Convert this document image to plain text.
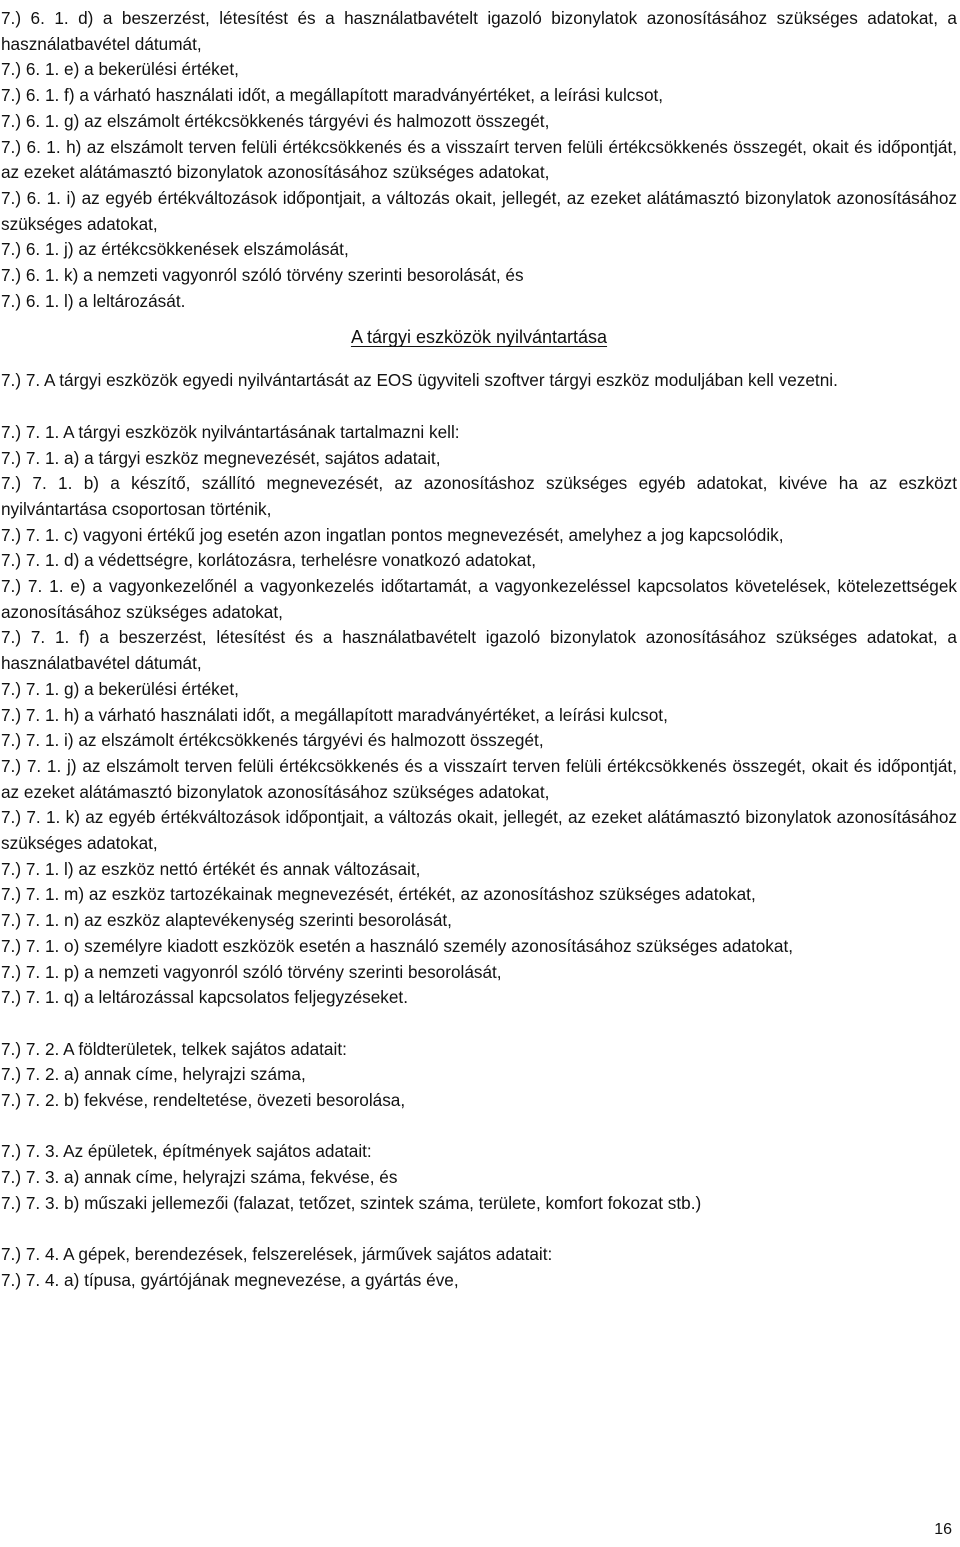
7.) 6. 1. d) a beszerzést, létesítést és a használatbavételt igazoló bizonylatok azonosításához szükséges adatokat, a használatbavétel dátumát,

7.) 6. 1. e) a bekerülési értéket,

7.) 6. 1. f) a várható használati időt, a megállapított maradványértéket, a leírási kulcsot,

7.) 6. 1. g) az elszámolt értékcsökkenés tárgyévi és halmozott összegét,

7.) 6. 1. h) az elszámolt terven felüli értékcsökkenés és a visszaírt terven felüli értékcsökkenés összegét, okait és időpontját, az ezeket alátámasztó bizonylatok azonosításához szükséges adatokat,

7.) 6. 1. i) az egyéb értékváltozások időpontjait, a változás okait, jellegét, az ezeket alátámasztó bizonylatok azonosításához szükséges adatokat,

7.) 6. 1. j) az értékcsökkenések elszámolását,

7.) 6. 1. k) a nemzeti vagyonról szóló törvény szerinti besorolását, és

7.) 6. 1. l) a leltározását.

A tárgyi eszközök nyilvántartása

7.) 7. A tárgyi eszközök egyedi nyilvántartását az EOS ügyviteli szoftver tárgyi eszköz moduljában kell vezetni.

7.) 7. 1. A tárgyi eszközök nyilvántartásának tartalmazni kell:

7.) 7. 1. a) a tárgyi eszköz megnevezését, sajátos adatait,

7.) 7. 1. b) a készítő, szállító megnevezését, az azonosításhoz szükséges egyéb adatokat, kivéve ha az eszközt nyilvántartása csoportosan történik,

7.) 7. 1. c) vagyoni értékű jog esetén azon ingatlan pontos megnevezését, amelyhez a jog kapcsolódik,

7.) 7. 1. d) a védettségre, korlátozásra, terhelésre vonatkozó adatokat,

7.) 7. 1. e) a vagyonkezelőnél a vagyonkezelés időtartamát, a vagyonkezeléssel kapcsolatos követelések, kötelezettségek azonosításához szükséges adatokat,

7.) 7. 1. f) a beszerzést, létesítést és a használatbavételt igazoló bizonylatok azonosításához szükséges adatokat, a használatbavétel dátumát,

7.) 7. 1. g) a bekerülési értéket,

7.) 7. 1. h) a várható használati időt, a megállapított maradványértéket, a leírási kulcsot,

7.) 7. 1. i) az elszámolt értékcsökkenés tárgyévi és halmozott összegét,

7.) 7. 1. j) az elszámolt terven felüli értékcsökkenés és a visszaírt terven felüli értékcsökkenés összegét, okait és időpontját, az ezeket alátámasztó bizonylatok azonosításához szükséges adatokat,

7.) 7. 1. k) az egyéb értékváltozások időpontjait, a változás okait, jellegét, az ezeket alátámasztó bizonylatok azonosításához szükséges adatokat,

7.) 7. 1. l) az eszköz nettó értékét és annak változásait,

7.) 7. 1. m) az eszköz tartozékainak megnevezését, értékét, az azonosításhoz szükséges adatokat,

7.) 7. 1. n) az eszköz alaptevékenység szerinti besorolását,

7.) 7. 1. o) személyre kiadott eszközök esetén a használó személy azonosításához szükséges adatokat,

7.) 7. 1. p) a nemzeti vagyonról szóló törvény szerinti besorolását,

7.) 7. 1. q) a leltározással kapcsolatos feljegyzéseket.

7.) 7. 2. A földterületek, telkek sajátos adatait:

7.) 7. 2. a) annak címe, helyrajzi száma,

7.) 7. 2. b) fekvése, rendeltetése, övezeti besorolása,

7.) 7. 3. Az épületek, építmények sajátos adatait:

7.) 7. 3. a) annak címe, helyrajzi száma, fekvése, és

7.) 7. 3. b) műszaki jellemezői (falazat, tetőzet, szintek száma, területe, komfort fokozat stb.)

7.) 7. 4. A gépek, berendezések, felszerelések, járművek sajátos adatait:

7.) 7. 4. a) típusa, gyártójának megnevezése, a gyártás éve,

16
